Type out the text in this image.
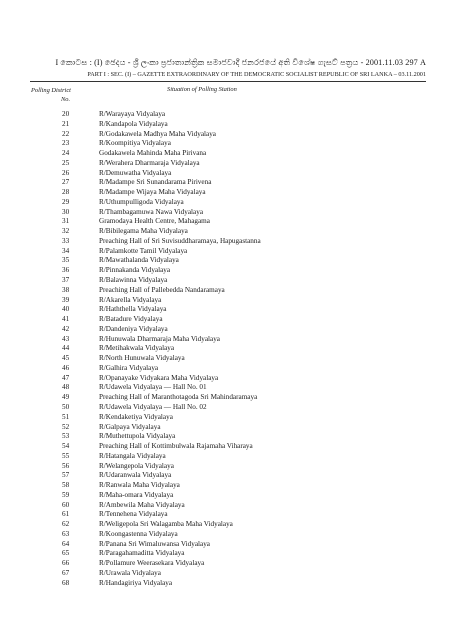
I කොටස : (I) ඡෙදය - ශ්‍රී ලංකා ප්‍රජාතාන්ත්‍රික සමාජවාදී ජනරජයේ අති විශේෂ ගැසට් පත්‍රය - 2001.11.03 297 A
PART I : SEC. (I) – GAZETTE EXTRAORDINARY OF THE DEMOCRATIC SOCIALIST REPUBLIC OF SRI LANKA – 03.11.2001
Polling District
No.
Situation of Polling Station
20	R/Warayaya Vidyalaya
21	R/Kandapola Vidyalaya
22	R/Godakawela Madhya Maha Vidyalaya
23	R/Koompitiya Vidyalaya
24	Godakawela Mahinda Maha Pirivana
25	R/Werahera Dharmaraja Vidyalaya
26	R/Demuwatha Vidyalaya
27	R/Madampe Sri Sunandarama Pirivena
28	R/Madampe Wijaya Maha Vidyalaya
29	R/Uthumpulligoda Vidyalaya
30	R/Thambagamuwa Nawa Vidyalaya
31	Gramodaya Health Centre, Mahagama
32	R/Bibilegama Maha Vidyalaya
33	Preaching Hall of Sri Suvisuddharamaya, Hapugastanna
34	R/Palamkotte Tamil Vidyalaya
35	R/Mawathalanda Vidyalaya
36	R/Pinnakanda Vidyalaya
37	R/Balawinna Vidyalaya
38	Preaching Hall of Pallebedda Nandaramaya
39	R/Akarella Vidyalaya
40	R/Haththella Vidyalaya
41	R/Batadure Vidyalaya
42	R/Dandeniya Vidyalaya
43	R/Hunuwala Dharmaraja Maha Vidyalaya
44	R/Metihakwala Vidyalaya
45	R/North Hunuwala Vidyalaya
46	R/Galhira Vidyalaya
47	R/Opanayake Vidyakara Maha Vidyalaya
48	R/Udawela Vidyalaya — Hall No. 01
49	Preaching Hall of Maranthotagoda Sri Mahindaramaya
50	R/Udawela Vidyalaya — Hall No. 02
51	R/Kendaketiya Vidyalaya
52	R/Galpaya Vidyalaya
53	R/Muthettupola Vidyalaya
54	Preaching Hall of Kottimbulwala Rajamaha Viharaya
55	R/Hatangala Vidyalaya
56	R/Welangepola Vidyalaya
57	R/Udaranwala Vidyalaya
58	R/Ranwala Maha Vidyalaya
59	R/Maha-omara Vidyalaya
60	R/Ambewila Maha Vidyalaya
61	R/Tennehena Vidyalaya
62	R/Weligepola Sri Walagamba Maha Vidyalaya
63	R/Koongastenna Vidyalaya
64	R/Panana Sri Wimaluwansa Vidyalaya
65	R/Paragahamaditta Vidyalaya
66	R/Pollamure Weerasekara Vidyalaya
67	R/Urawala Vidyalaya
68	R/Handagiriya Vidyalaya
